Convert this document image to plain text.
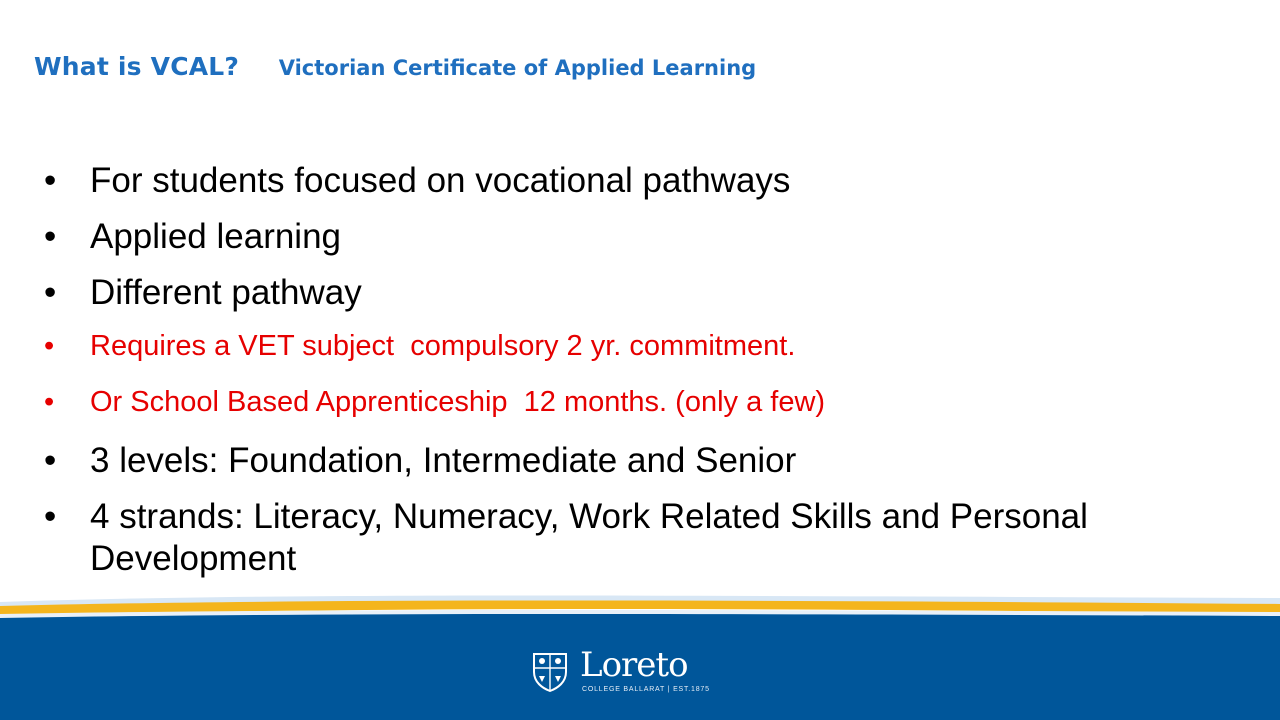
What is VCAL? Victorian Certificate of Applied Learning
• For students focused on vocational pathways
• Applied learning
• Different pathway
• Requires a VET subject  compulsory 2 yr. commitment.
• Or School Based Apprenticeship  12 months. (only a few)
• 3 levels: Foundation, Intermediate and Senior
• 4 strands: Literacy, Numeracy, Work Related Skills and Personal Development
Loreto
COLLEGE BALLARAT | EST.1875
